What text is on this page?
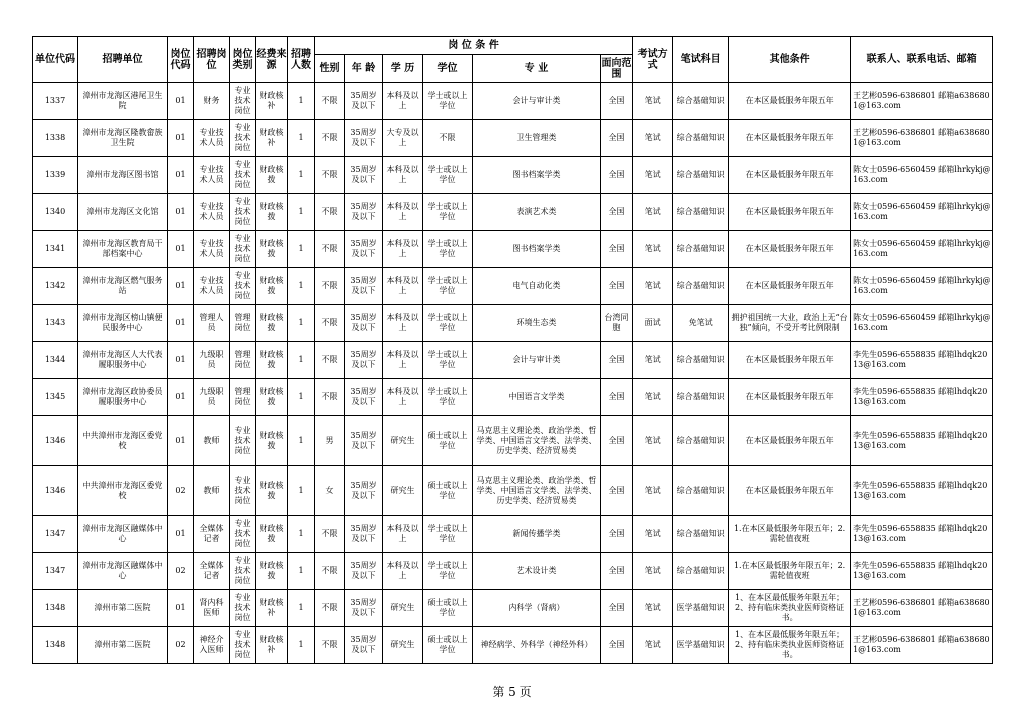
单位代码	招聘单位	岗位代码	招聘岗位	岗位类别	经费来源	招聘人数	岗 位 条 件						考试方式	笔试科目	其他条件	联系人、联系电话、邮箱
							性别	年 龄	学 历	学位	专 业	面向范围				
1337	漳州市龙海区港尾卫生院	01	财务	专业技术岗位	财政核补	1	不限	35周岁及以下	本科及以上	学士或以上学位	会计与审计类	全国	笔试	综合基础知识	在本区最低服务年限五年	王艺彬0596-6386801 邮箱a6386801@163.com
1338	漳州市龙海区隆教畲族卫生院	01	专业技术人员	专业技术岗位	财政核补	1	不限	35周岁及以下	大专及以上	不限	卫生管理类	全国	笔试	综合基础知识	在本区最低服务年限五年	王艺彬0596-6386801 邮箱a6386801@163.com
1339	漳州市龙海区图书馆	01	专业技术人员	专业技术岗位	财政核拨	1	不限	35周岁及以下	本科及以上	学士或以上学位	图书档案学类	全国	笔试	综合基础知识	在本区最低服务年限五年	陈女士0596-6560459 邮箱lhrkykj@163.com
1340	漳州市龙海区文化馆	01	专业技术人员	专业技术岗位	财政核拨	1	不限	35周岁及以下	本科及以上	学士或以上学位	表演艺术类	全国	笔试	综合基础知识	在本区最低服务年限五年	陈女士0596-6560459 邮箱lhrkykj@163.com
1341	漳州市龙海区教育局干部档案中心	01	专业技术人员	专业技术岗位	财政核拨	1	不限	35周岁及以下	本科及以上	学士或以上学位	图书档案学类	全国	笔试	综合基础知识	在本区最低服务年限五年	陈女士0596-6560459 邮箱lhrkykj@163.com
1342	漳州市龙海区燃气服务站	01	专业技术人员	专业技术岗位	财政核拨	1	不限	35周岁及以下	本科及以上	学士或以上学位	电气自动化类	全国	笔试	综合基础知识	在本区最低服务年限五年	陈女士0596-6560459 邮箱lhrkykj@163.com
1343	漳州市龙海区榜山镇便民服务中心	01	管理人员	管理岗位	财政核拨	1	不限	35周岁及以下	本科及以上	学士或以上学位	环境生态类	台湾同胞	面试	免笔试	拥护祖国统一大业，政治上无“台独”倾向，不受开考比例限制	陈女士0596-6560459 邮箱lhrkykj@163.com
1344	漳州市龙海区人大代表履职服务中心	01	九级职员	管理岗位	财政核拨	1	不限	35周岁及以下	本科及以上	学士或以上学位	会计与审计类	全国	笔试	综合基础知识	在本区最低服务年限五年	李先生0596-6558835 邮箱lhdqk2013@163.com
1345	漳州市龙海区政协委员履职服务中心	01	九级职员	管理岗位	财政核拨	1	不限	35周岁及以下	本科及以上	学士或以上学位	中国语言文学类	全国	笔试	综合基础知识	在本区最低服务年限五年	李先生0596-6558835 邮箱lhdqk2013@163.com
1346	中共漳州市龙海区委党校	01	教师	专业技术岗位	财政核拨	1	男	35周岁及以下	研究生	硕士或以上学位	马克思主义理论类、政治学类、哲学类、中国语言文学类、法学类、历史学类、经济贸易类	全国	笔试	综合基础知识	在本区最低服务年限五年	李先生0596-6558835 邮箱lhdqk2013@163.com
1346	中共漳州市龙海区委党校	02	教师	专业技术岗位	财政核拨	1	女	35周岁及以下	研究生	硕士或以上学位	马克思主义理论类、政治学类、哲学类、中国语言文学类、法学类、历史学类、经济贸易类	全国	笔试	综合基础知识	在本区最低服务年限五年	李先生0596-6558835 邮箱lhdqk2013@163.com
1347	漳州市龙海区融媒体中心	01	全媒体记者	专业技术岗位	财政核拨	1	不限	35周岁及以下	本科及以上	学士或以上学位	新闻传播学类	全国	笔试	综合基础知识	1.在本区最低服务年限五年；2.需轮值夜班	李先生0596-6558835 邮箱lhdqk2013@163.com
1347	漳州市龙海区融媒体中心	02	全媒体记者	专业技术岗位	财政核拨	1	不限	35周岁及以下	本科及以上	学士或以上学位	艺术设计类	全国	笔试	综合基础知识	1.在本区最低服务年限五年；2.需轮值夜班	李先生0596-6558835 邮箱lhdqk2013@163.com
1348	漳州市第二医院	01	肾内科医师	专业技术岗位	财政核补	1	不限	35周岁及以下	研究生	硕士或以上学位	内科学（肾病）	全国	笔试	医学基础知识	1、在本区最低服务年限五年；2、持有临床类执业医师资格证书。	王艺彬0596-6386801 邮箱a6386801@163.com
1348	漳州市第二医院	02	神经介入医师	专业技术岗位	财政核补	1	不限	35周岁及以下	研究生	硕士或以上学位	神经病学、外科学（神经外科）	全国	笔试	医学基础知识	1、在本区最低服务年限五年；2、持有临床类执业医师资格证书。	王艺彬0596-6386801 邮箱a6386801@163.com
第 5 页
